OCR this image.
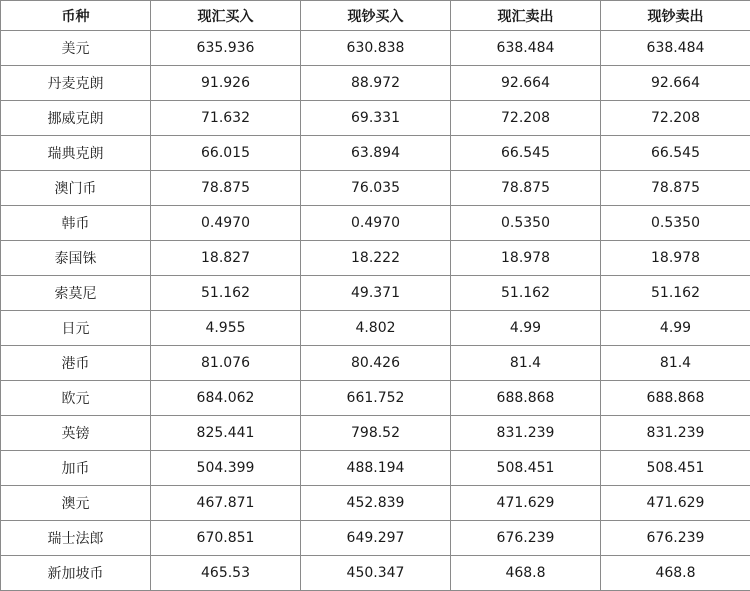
币种	现汇买入	现钞买入	现汇卖出	现钞卖出
美元	635.936	630.838	638.484	638.484
丹麦克朗	91.926	88.972	92.664	92.664
挪威克朗	71.632	69.331	72.208	72.208
瑞典克朗	66.015	63.894	66.545	66.545
澳门币	78.875	76.035	78.875	78.875
韩币	0.4970	0.4970	0.5350	0.5350
泰国铢	18.827	18.222	18.978	18.978
索莫尼	51.162	49.371	51.162	51.162
日元	4.955	4.802	4.99	4.99
港币	81.076	80.426	81.4	81.4
欧元	684.062	661.752	688.868	688.868
英镑	825.441	798.52	831.239	831.239
加币	504.399	488.194	508.451	508.451
澳元	467.871	452.839	471.629	471.629
瑞士法郎	670.851	649.297	676.239	676.239
新加坡币	465.53	450.347	468.8	468.8
